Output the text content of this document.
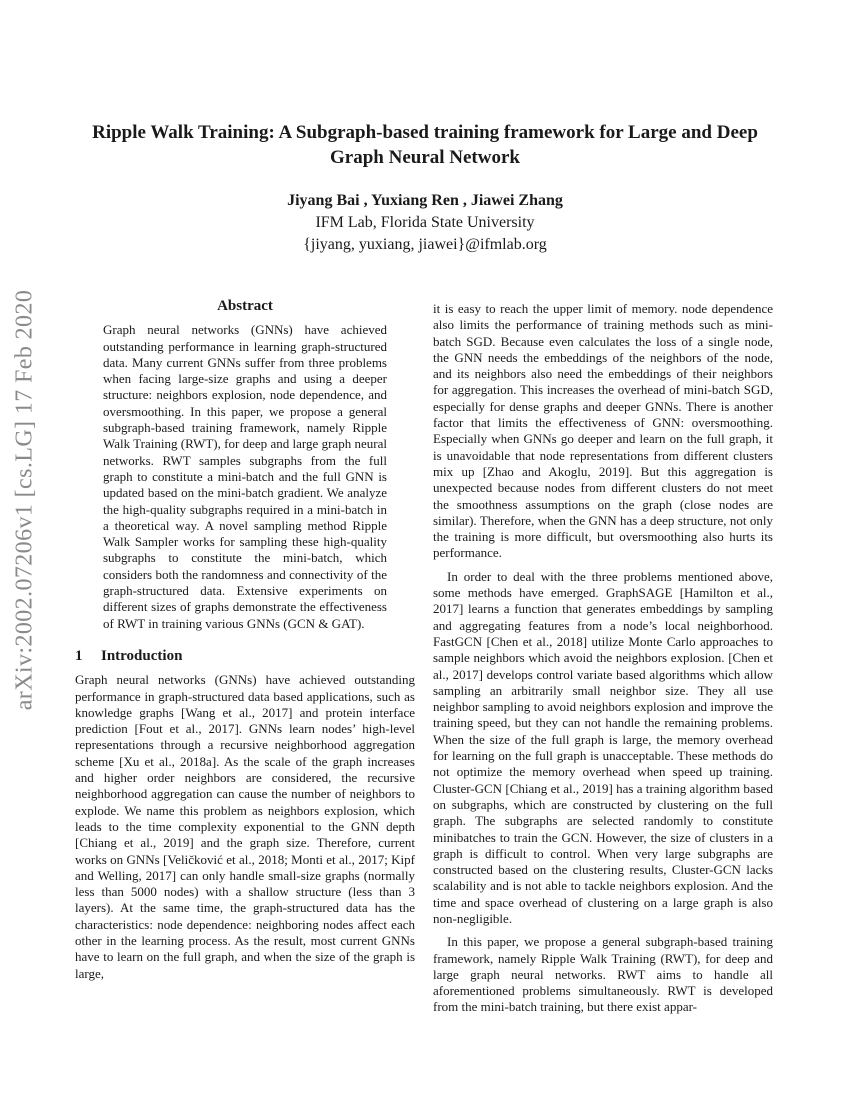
arXiv:2002.07206v1 [cs.LG] 17 Feb 2020
Ripple Walk Training: A Subgraph-based training framework for Large and Deep
Graph Neural Network
Jiyang Bai , Yuxiang Ren , Jiawei Zhang
IFM Lab, Florida State University
{jiyang, yuxiang, jiawei}@ifmlab.org
Abstract

Graph neural networks (GNNs) have achieved outstanding performance in learning graph-structured data. Many current GNNs suffer from three problems when facing large-size graphs and using a deeper structure: neighbors explosion, node dependence, and oversmoothing. In this paper, we propose a general subgraph-based training framework, namely Ripple Walk Training (RWT), for deep and large graph neural networks. RWT samples subgraphs from the full graph to constitute a mini-batch and the full GNN is updated based on the mini-batch gradient. We analyze the high-quality subgraphs required in a mini-batch in a theoretical way. A novel sampling method Ripple Walk Sampler works for sampling these high-quality subgraphs to constitute the mini-batch, which considers both the randomness and connectivity of the graph-structured data. Extensive experiments on different sizes of graphs demonstrate the effectiveness of RWT in training various GNNs (GCN & GAT).

1 Introduction

Graph neural networks (GNNs) have achieved outstanding performance in graph-structured data based applications, such as knowledge graphs [Wang et al., 2017] and protein interface prediction [Fout et al., 2017]. GNNs learn nodes’ high-level representations through a recursive neighborhood aggregation scheme [Xu et al., 2018a]. As the scale of the graph increases and higher order neighbors are considered, the recursive neighborhood aggregation can cause the number of neighbors to explode. We name this problem as neighbors explosion, which leads to the time complexity exponential to the GNN depth [Chiang et al., 2019] and the graph size. Therefore, current works on GNNs [Veličković et al., 2018; Monti et al., 2017; Kipf and Welling, 2017] can only handle small-size graphs (normally less than 5000 nodes) with a shallow structure (less than 3 layers). At the same time, the graph-structured data has the characteristics: node dependence: neighboring nodes affect each other in the learning process. As the result, most current GNNs have to learn on the full graph, and when the size of the graph is large,

it is easy to reach the upper limit of memory. node dependence also limits the performance of training methods such as mini-batch SGD. Because even calculates the loss of a single node, the GNN needs the embeddings of the neighbors of the node, and its neighbors also need the embeddings of their neighbors for aggregation. This increases the overhead of mini-batch SGD, especially for dense graphs and deeper GNNs. There is another factor that limits the effectiveness of GNN: oversmoothing. Especially when GNNs go deeper and learn on the full graph, it is unavoidable that node representations from different clusters mix up [Zhao and Akoglu, 2019]. But this aggregation is unexpected because nodes from different clusters do not meet the smoothness assumptions on the graph (close nodes are similar). Therefore, when the GNN has a deep structure, not only the training is more difficult, but oversmoothing also hurts its performance.

In order to deal with the three problems mentioned above, some methods have emerged. GraphSAGE [Hamilton et al., 2017] learns a function that generates embeddings by sampling and aggregating features from a node’s local neighborhood. FastGCN [Chen et al., 2018] utilize Monte Carlo approaches to sample neighbors which avoid the neighbors explosion. [Chen et al., 2017] develops control variate based algorithms which allow sampling an arbitrarily small neighbor size. They all use neighbor sampling to avoid neighbors explosion and improve the training speed, but they can not handle the remaining problems. When the size of the full graph is large, the memory overhead for learning on the full graph is unacceptable. These methods do not optimize the memory overhead when speed up training. Cluster-GCN [Chiang et al., 2019] has a training algorithm based on subgraphs, which are constructed by clustering on the full graph. The subgraphs are selected randomly to constitute minibatches to train the GCN. However, the size of clusters in a graph is difficult to control. When very large subgraphs are constructed based on the clustering results, Cluster-GCN lacks scalability and is not able to tackle neighbors explosion. And the time and space overhead of clustering on a large graph is also non-negligible.

In this paper, we propose a general subgraph-based training framework, namely Ripple Walk Training (RWT), for deep and large graph neural networks. RWT aims to handle all aforementioned problems simultaneously. RWT is developed from the mini-batch training, but there exist appar-
